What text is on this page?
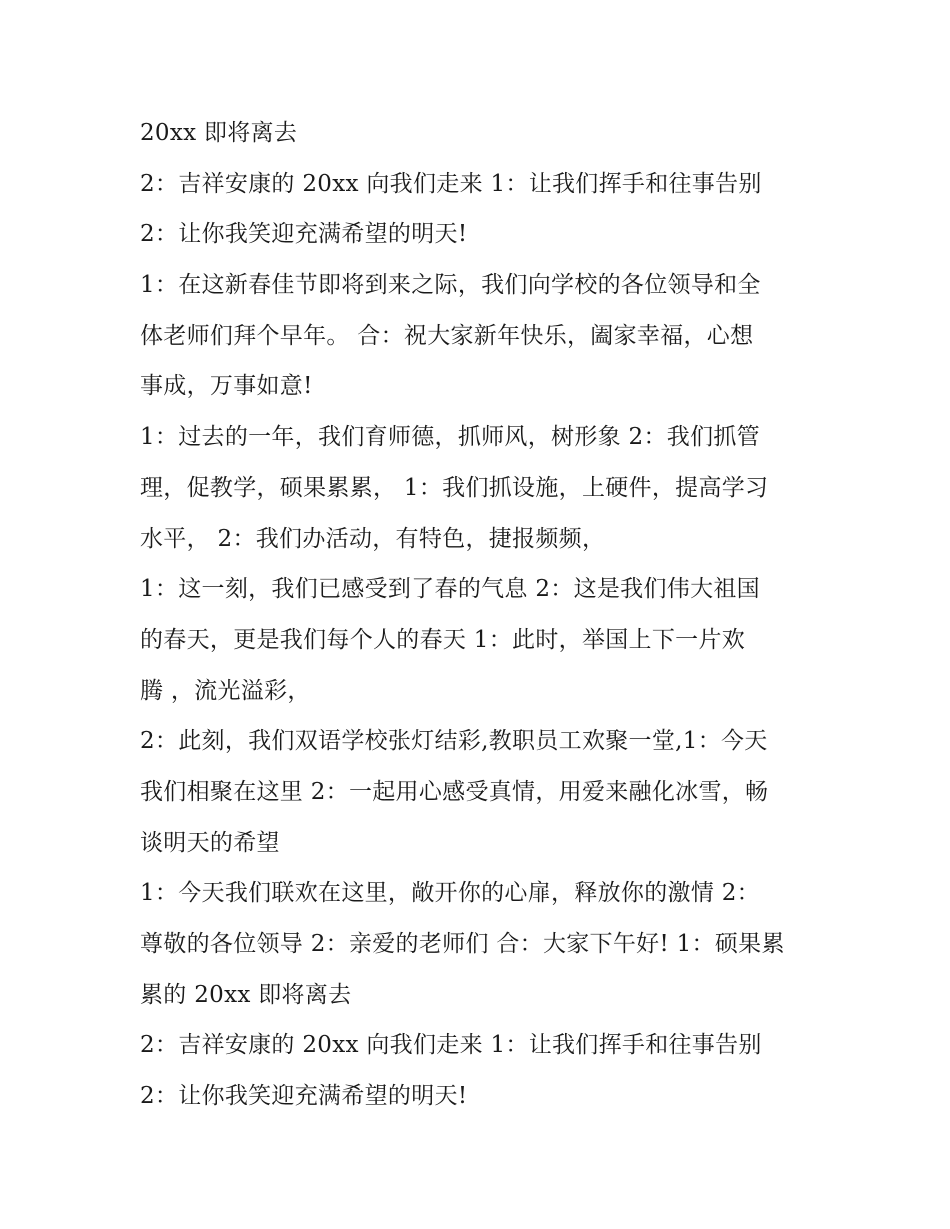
20xx 即将离去
2：吉祥安康的 20xx 向我们走来 1：让我们挥手和往事告别
2：让你我笑迎充满希望的明天!
1：在这新春佳节即将到来之际，我们向学校的各位领导和全
体老师们拜个早年。 合：祝大家新年快乐，阖家幸福，心想
事成，万事如意!
1：过去的一年，我们育师德，抓师风，树形象 2：我们抓管
理，促教学，硕果累累， 1：我们抓设施，上硬件，提高学习
水平， 2：我们办活动，有特色，捷报频频，
1：这一刻，我们已感受到了春的气息 2：这是我们伟大祖国
的春天，更是我们每个人的春天 1：此时，举国上下一片欢
腾 ，流光溢彩，
2：此刻，我们双语学校张灯结彩,教职员工欢聚一堂,1：今天
我们相聚在这里 2：一起用心感受真情，用爱来融化冰雪，畅
谈明天的希望
1：今天我们联欢在这里，敞开你的心扉，释放你的激情 2：
尊敬的各位领导 2：亲爱的老师们 合：大家下午好! 1：硕果累
累的 20xx 即将离去
2：吉祥安康的 20xx 向我们走来 1：让我们挥手和往事告别
2：让你我笑迎充满希望的明天!
